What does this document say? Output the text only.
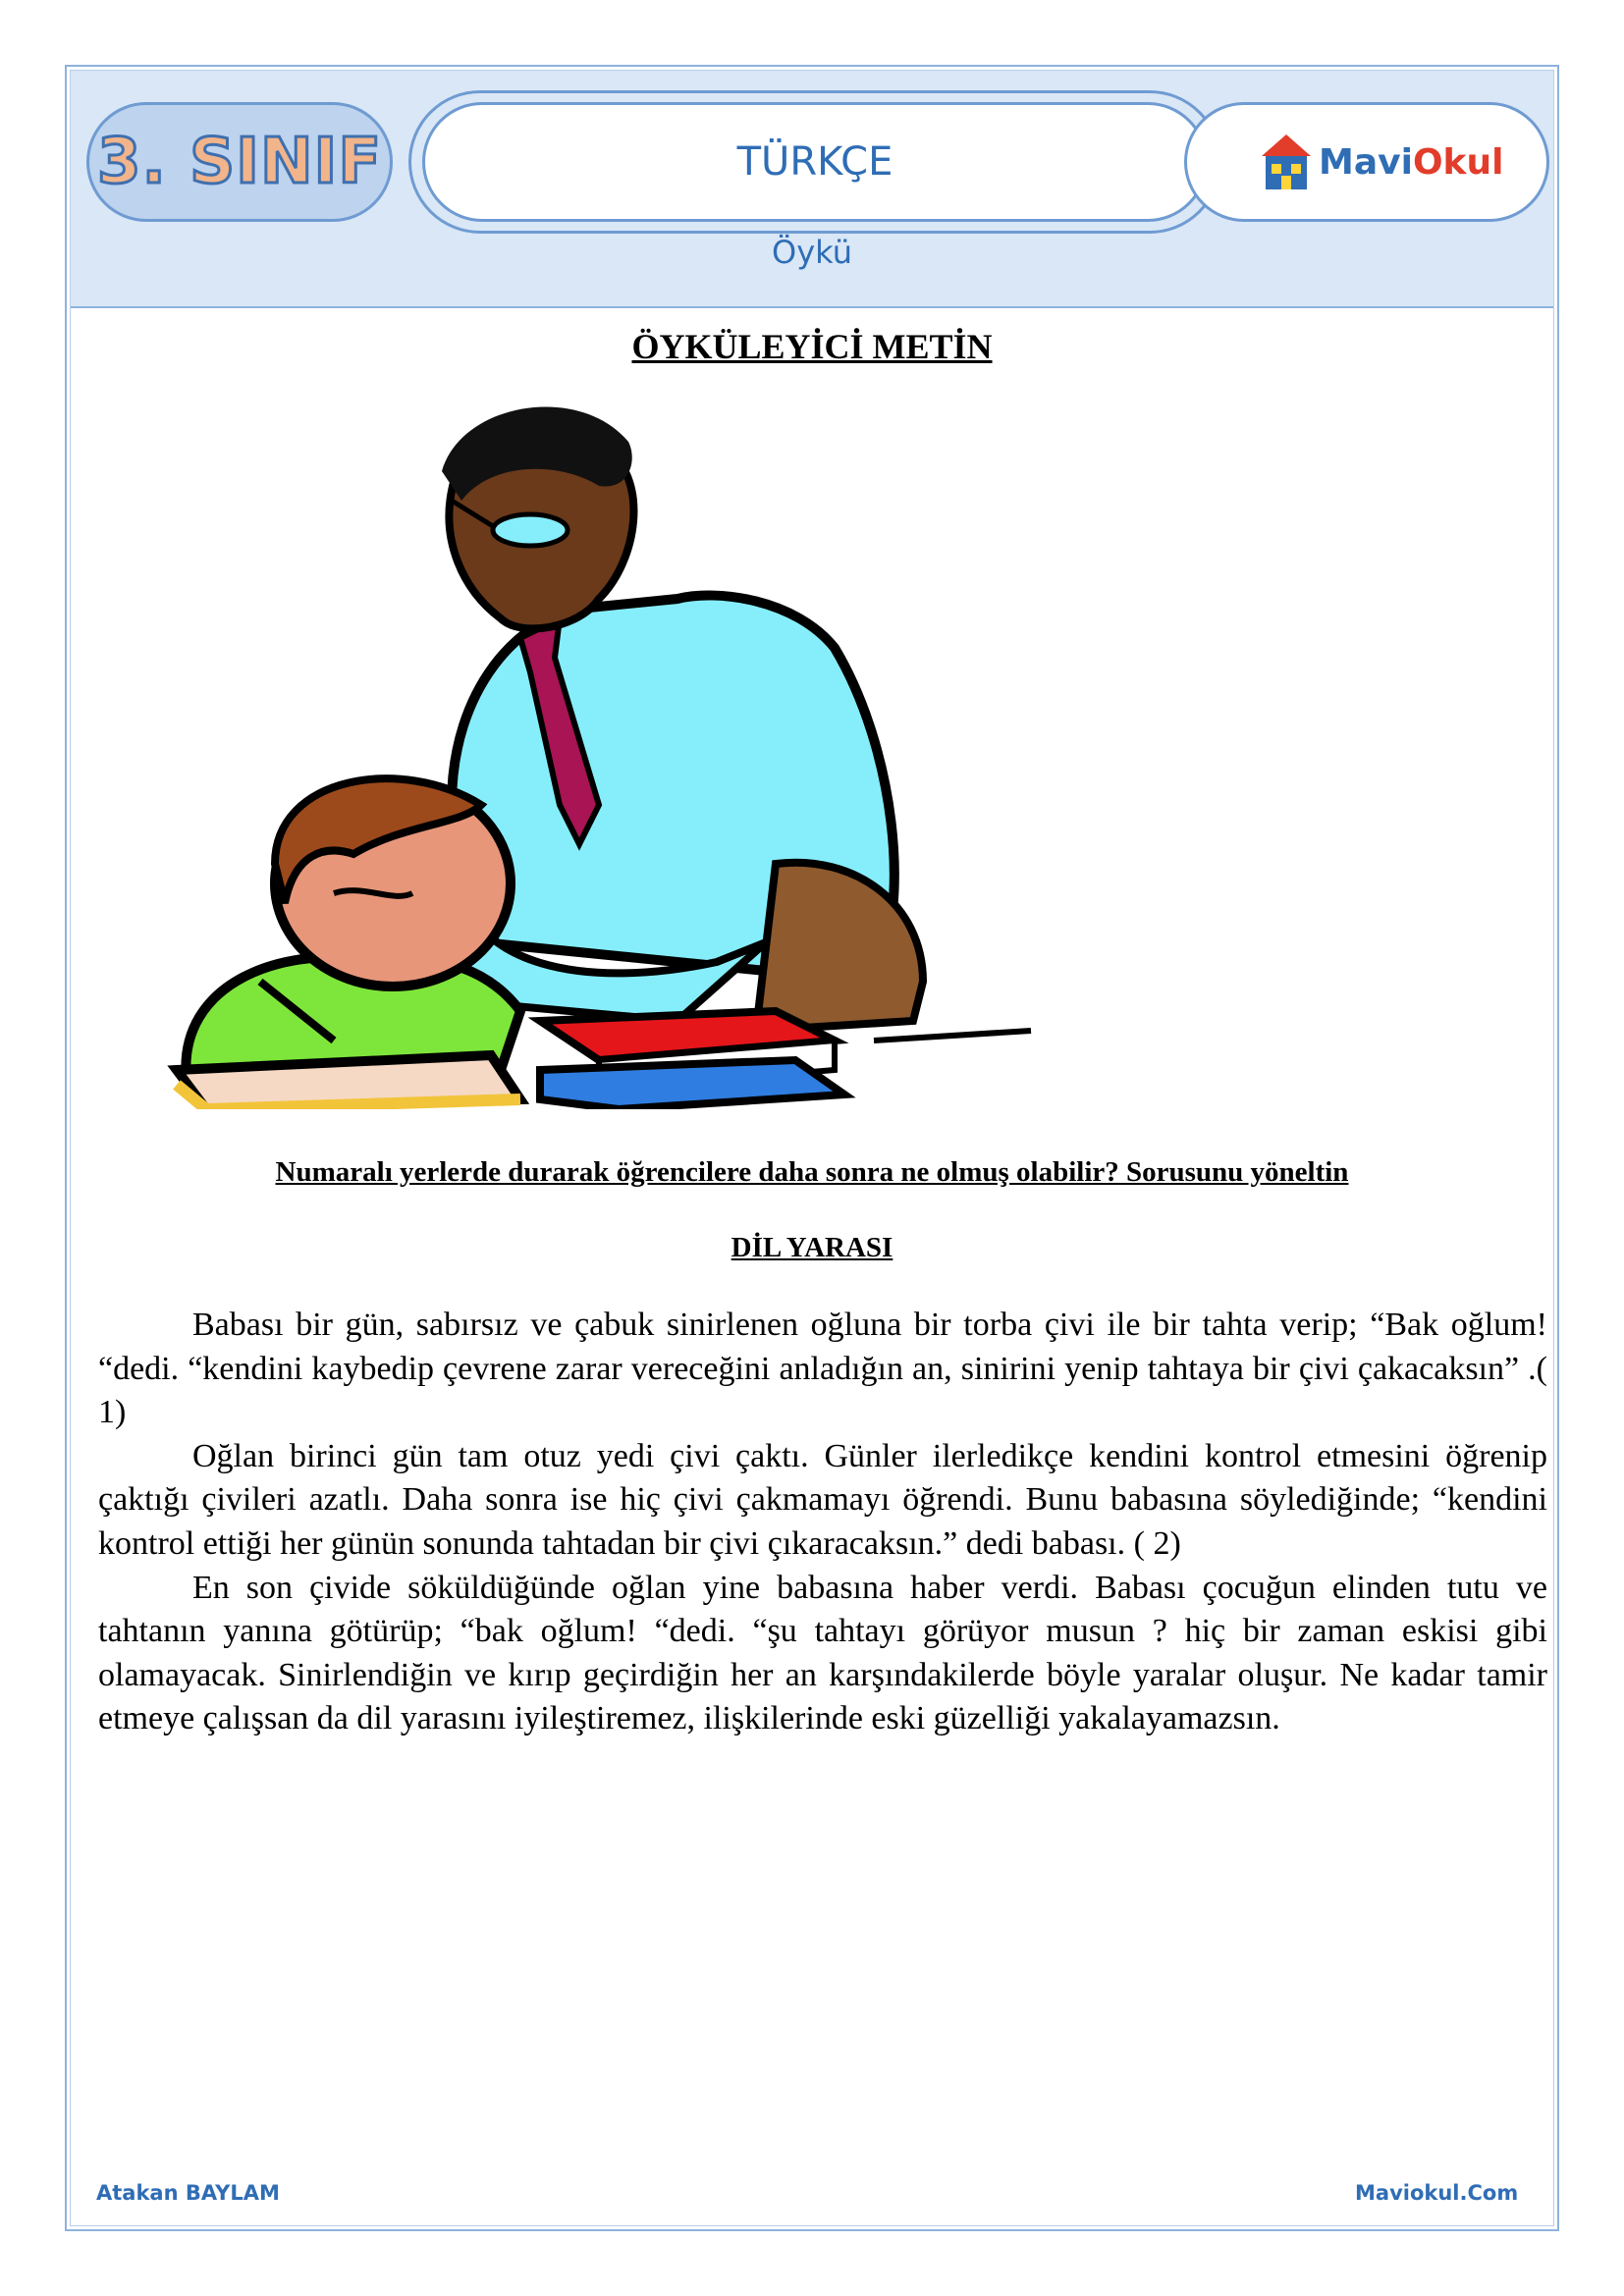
3. SINIF	TÜRKÇE	MaviOkul
Öykü
ÖYKÜLEYİCİ METİN
Numaralı yerlerde durarak öğrencilere daha sonra ne olmuş olabilir? Sorusunu yöneltin
DİL YARASI

Babası bir gün, sabırsız ve çabuk sinirlenen oğluna bir torba çivi ile bir tahta verip; “Bak oğlum! “dedi. “kendini kaybedip çevrene zarar vereceğini anladığın an, sinirini yenip tahtaya bir çivi çakacaksın” .( 1)

Oğlan birinci gün tam otuz yedi çivi çaktı. Günler ilerledikçe kendini kontrol etmesini öğrenip çaktığı çivileri azatlı. Daha sonra ise hiç çivi çakmamayı öğrendi. Bunu babasına söylediğinde; “kendini kontrol ettiği her günün sonunda tahtadan bir çivi çıkaracaksın.” dedi babası. ( 2)

En son çivide söküldüğünde oğlan yine babasına haber verdi. Babası çocuğun elinden tutu ve tahtanın yanına götürüp; “bak oğlum! “dedi. “şu tahtayı görüyor musun ? hiç bir zaman eskisi gibi olamayacak. Sinirlendiğin ve kırıp geçirdiğin her an karşındakilerde böyle yaralar oluşur. Ne kadar tamir etmeye çalışsan da dil yarasını iyileştiremez, ilişkilerinde eski güzelliği yakalayamazsın.

Atakan BAYLAM	Maviokul.Com
